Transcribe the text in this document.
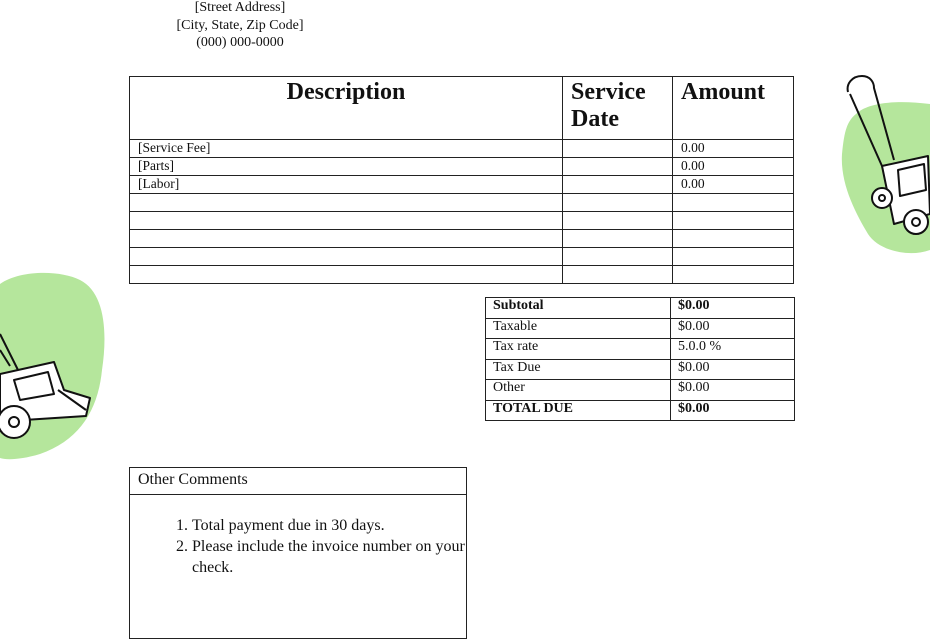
[Street Address]
[City, State, Zip Code]
(000) 000-0000
Description	Service Date	Amount
[Service Fee]		0.00
[Parts]		0.00
[Labor]		0.00

Subtotal	$0.00
Taxable	$0.00
Tax rate	5.0.0 %
Tax Due	$0.00
Other	$0.00
TOTAL DUE	$0.00
Other Comments
1. Total payment due in 30 days.
2. Please include the invoice number on your check.
